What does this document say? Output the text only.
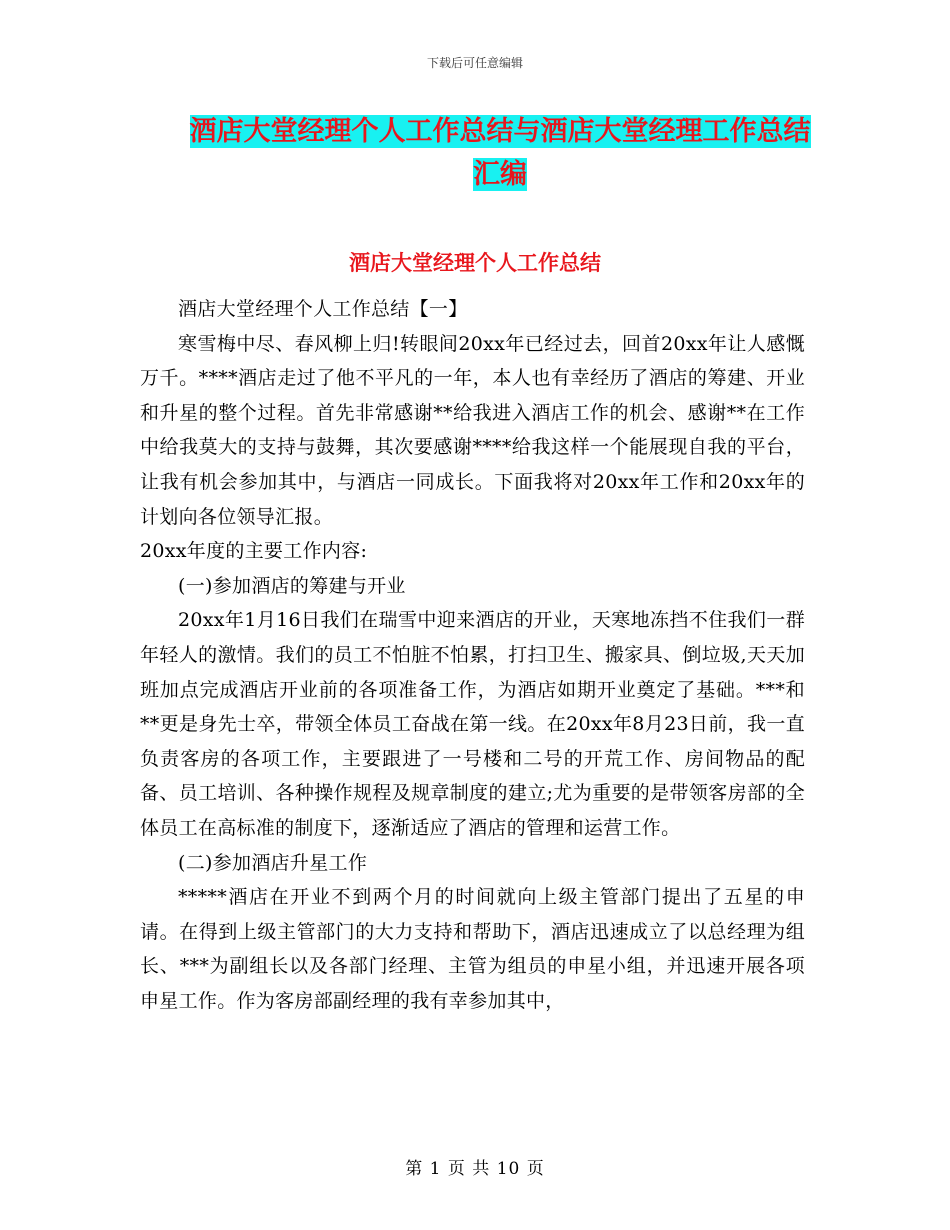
下载后可任意编辑
酒店大堂经理个人工作总结与酒店大堂经理工作总结
汇编
酒店大堂经理个人工作总结

酒店大堂经理个人工作总结【一】

寒雪梅中尽、春风柳上归!转眼间20xx年已经过去，回首20xx年让人感慨万千。****酒店走过了他不平凡的一年，本人也有幸经历了酒店的筹建、开业和升星的整个过程。首先非常感谢**给我进入酒店工作的机会、感谢**在工作中给我莫大的支持与鼓舞，其次要感谢****给我这样一个能展现自我的平台，让我有机会参加其中，与酒店一同成长。下面我将对20xx年工作和20xx年的计划向各位领导汇报。

20xx年度的主要工作内容:

(一)参加酒店的筹建与开业

20xx年1月16日我们在瑞雪中迎来酒店的开业，天寒地冻挡不住我们一群年轻人的激情。我们的员工不怕脏不怕累，打扫卫生、搬家具、倒垃圾,天天加班加点完成酒店开业前的各项准备工作，为酒店如期开业奠定了基础。***和**更是身先士卒，带领全体员工奋战在第一线。在20xx年8月23日前，我一直负责客房的各项工作，主要跟进了一号楼和二号的开荒工作、房间物品的配备、员工培训、各种操作规程及规章制度的建立;尤为重要的是带领客房部的全体员工在高标准的制度下，逐渐适应了酒店的管理和运营工作。

(二)参加酒店升星工作

*****酒店在开业不到两个月的时间就向上级主管部门提出了五星的申请。在得到上级主管部门的大力支持和帮助下，酒店迅速成立了以总经理为组长、***为副组长以及各部门经理、主管为组员的申星小组，并迅速开展各项申星工作。作为客房部副经理的我有幸参加其中，

第 1 页 共 10 页
